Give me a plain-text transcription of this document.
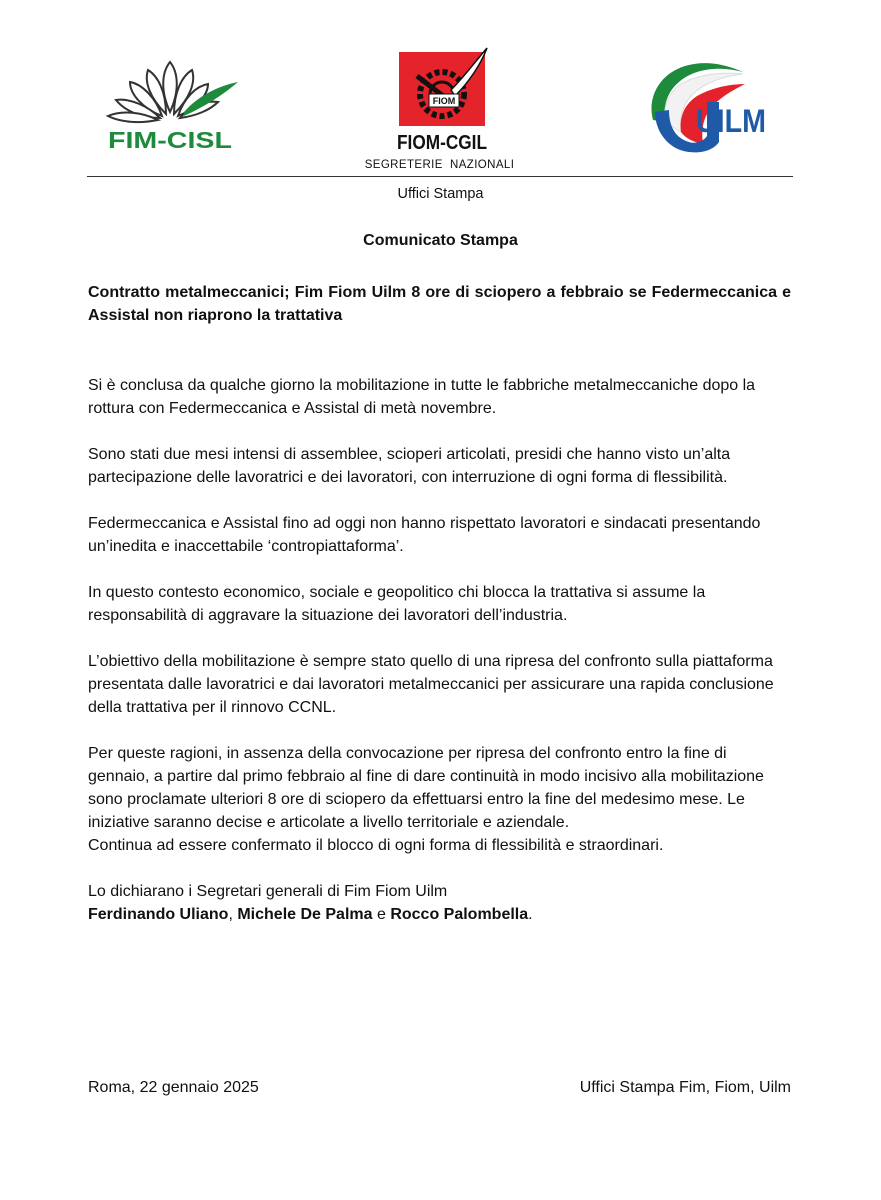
FIM-CISL
FIOM
FIOM-CGIL
UILM
SEGRETERIE  NAZIONALI
Uffici Stampa
Comunicato Stampa

Contratto metalmeccanici; Fim Fiom Uilm 8 ore di sciopero a febbraio se Federmeccanica e Assistal non riaprono la trattativa

Si è conclusa da qualche giorno la mobilitazione in tutte le fabbriche metalmeccaniche dopo la rottura con Federmeccanica e Assistal di metà novembre.

Sono stati due mesi intensi di assemblee, scioperi articolati, presidi che hanno visto un’alta partecipazione delle lavoratrici e dei lavoratori, con interruzione di ogni forma di flessibilità.

Federmeccanica e Assistal fino ad oggi non hanno rispettato lavoratori e sindacati presentando un’inedita e inaccettabile ‘contropiattaforma’.

In questo contesto economico, sociale e geopolitico chi blocca la trattativa si assume la responsabilità di aggravare la situazione dei lavoratori dell’industria.

L’obiettivo della mobilitazione è sempre stato quello di una ripresa del confronto sulla piattaforma presentata dalle lavoratrici e dai lavoratori metalmeccanici per assicurare una rapida conclusione della trattativa per il rinnovo CCNL.

Per queste ragioni, in assenza della convocazione per ripresa del confronto entro la fine di gennaio, a partire dal primo febbraio al fine di dare continuità in modo incisivo alla mobilitazione sono proclamate ulteriori 8 ore di sciopero da effettuarsi entro la fine del medesimo mese. Le iniziative saranno decise e articolate a livello territoriale e aziendale.

Continua ad essere confermato il blocco di ogni forma di flessibilità e straordinari.

Lo dichiarano i Segretari generali di Fim Fiom Uilm

Ferdinando Uliano, Michele De Palma e Rocco Palombella.

Roma, 22 gennaio 2025	Uffici Stampa Fim, Fiom, Uilm
